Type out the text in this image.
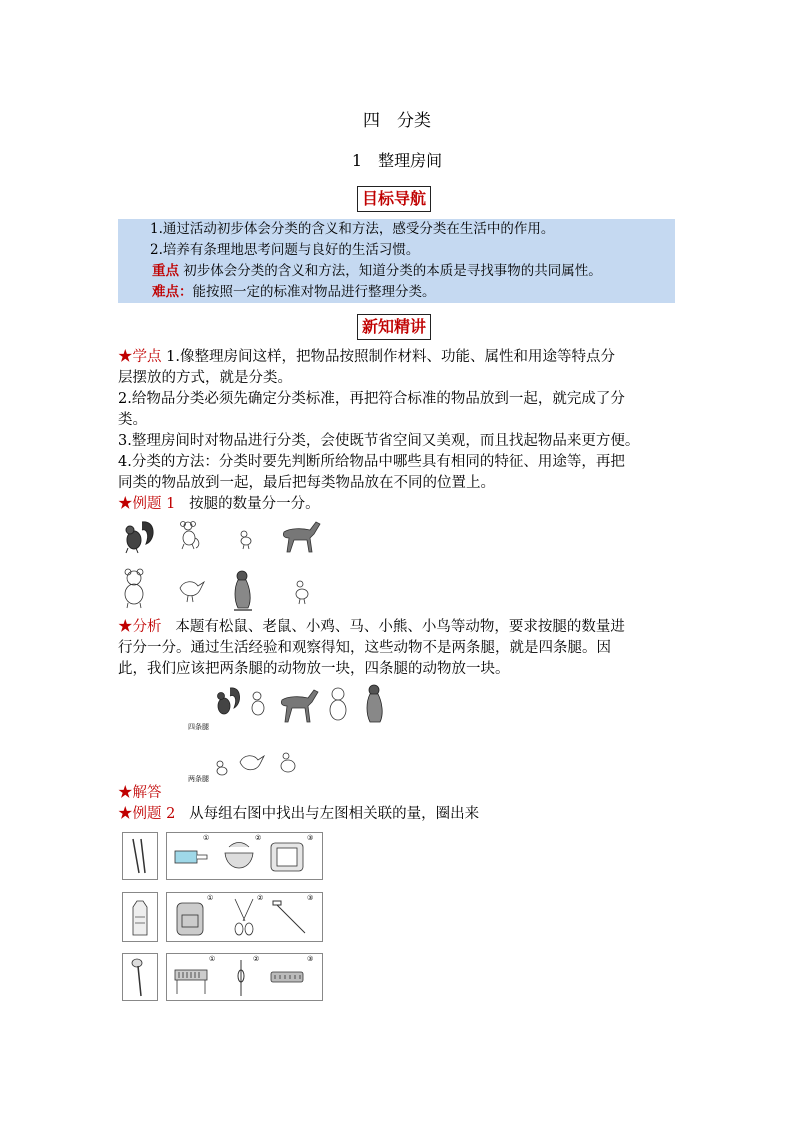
四　分类
1　整理房间
目标导航
1.通过活动初步体会分类的含义和方法，感受分类在生活中的作用。
2.培养有条理地思考问题与良好的生活习惯。
重点 初步体会分类的含义和方法，知道分类的本质是寻找事物的共同属性。
难点：能按照一定的标准对物品进行整理分类。
新知精讲
★学点 1.像整理房间这样，把物品按照制作材料、功能、属性和用途等特点分
层摆放的方式，就是分类。
2.给物品分类必须先确定分类标准，再把符合标准的物品放到一起，就完成了分
类。
3.整理房间时对物品进行分类，会使既节省空间又美观，而且找起物品来更方便。
4.分类的方法：分类时要先判断所给物品中哪些具有相同的特征、用途等，再把
同类的物品放到一起，最后把每类物品放在不同的位置上。
★例题 1 按腿的数量分一分。
★分析 本题有松鼠、老鼠、小鸡、马、小熊、小鸟等动物，要求按腿的数量进
行分一分。通过生活经验和观察得知，这些动物不是两条腿，就是四条腿。因
此，我们应该把两条腿的动物放一块，四条腿的动物放一块。
四条腿
两条腿
★解答
★例题 2 从每组右图中找出与左图相关联的量，圈出来
①	②	③
①	②	③
①	②	③
